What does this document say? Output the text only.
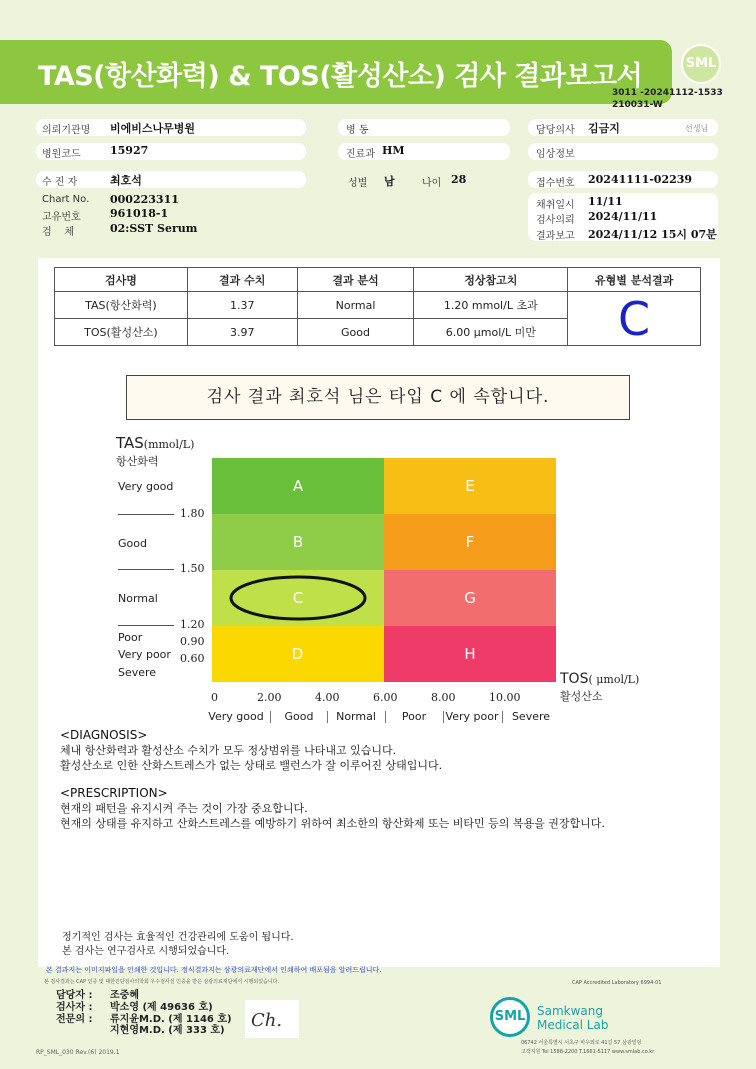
TAS(항산화력) & TOS(활성산소) 검사 결과보고서	SML
3011 -20241112-1533
210031-W
의뢰기관명 비에비스나무병원
병원코드	15927
수 진 자	최호석
Chart No. 000223311
고유번호	961018-1
검    체	02:SST Serum
병 동
진료과 HM
성별 남	나이 28
담당의사 김금지	선생님
임상정보
접수번호 20241111-02239
채취일시 11/11
검사의뢰 2024/11/11
결과보고 2024/11/12 15시 07분
검사명	결과 수치	결과 분석	정상참고치	유형별 분석결과
TAS(항산화력)	1.37	Normal	1.20 mmol/L 초과	C
TOS(활성산소)	3.97	Good	6.00 μmol/L 미만	
검사 결과 최호석 님은 타입 C 에 속합니다.
TAS(mmol/L)
항산화력
Very good
Good
Normal
Poor
Very poor
Severe
1.80
1.50
1.20
0.90
0.60
A
B
C
D
E
F
G
H
TOS( μmol/L)
활성산소
0	2.00	4.00	6.00	8.00	10.00
Very good	Good	Normal	Poor	Very poor	Severe
<DIAGNOSIS>
체내 항산화력과 활성산소 수치가 모두 정상범위를 나타내고 있습니다.
활성산소로 인한 산화스트레스가 없는 상태로 밸런스가 잘 이루어진 상태입니다.
<PRESCRIPTION>
현재의 패턴을 유지시켜 주는 것이 가장 중요합니다.
현재의 상태를 유지하고 산화스트레스를 예방하기 위하여 최소한의 항산화제 또는 비타민 등의 복용을 권장합니다.
정기적인 검사는 효율적인 건강관리에 도움이 됩니다.
본 검사는 연구검사로 시행되었습니다.
본 결과지는 이미지파일을 인쇄한 것입니다. 정식결과지는 삼광의료재단에서 인쇄하여 배포됨을 알려드립니다.
본 검사결과는 CAP 인증 및 대한진단검사의학회 우수검사실 인증을 받은 삼광의료재단에서 시행되었습니다.	CAP Accredited Laboratory 6994-01
담당자 : 조중혜
검사자 : 박소영 (제 49636 호)
전문의 : 류지윤M.D. (제 1146 호)
지현영M.D. (제 333 호) Ch.	SML Samkwang
Medical Lab
06742 서울특별시 서초구 바우뫼로 41길 57 삼광빌딩
고객지원 Tel 1588-2200 T.1661-5117 www.smlab.co.kr
RP_SML_030 Rev.(6) 2019.1
